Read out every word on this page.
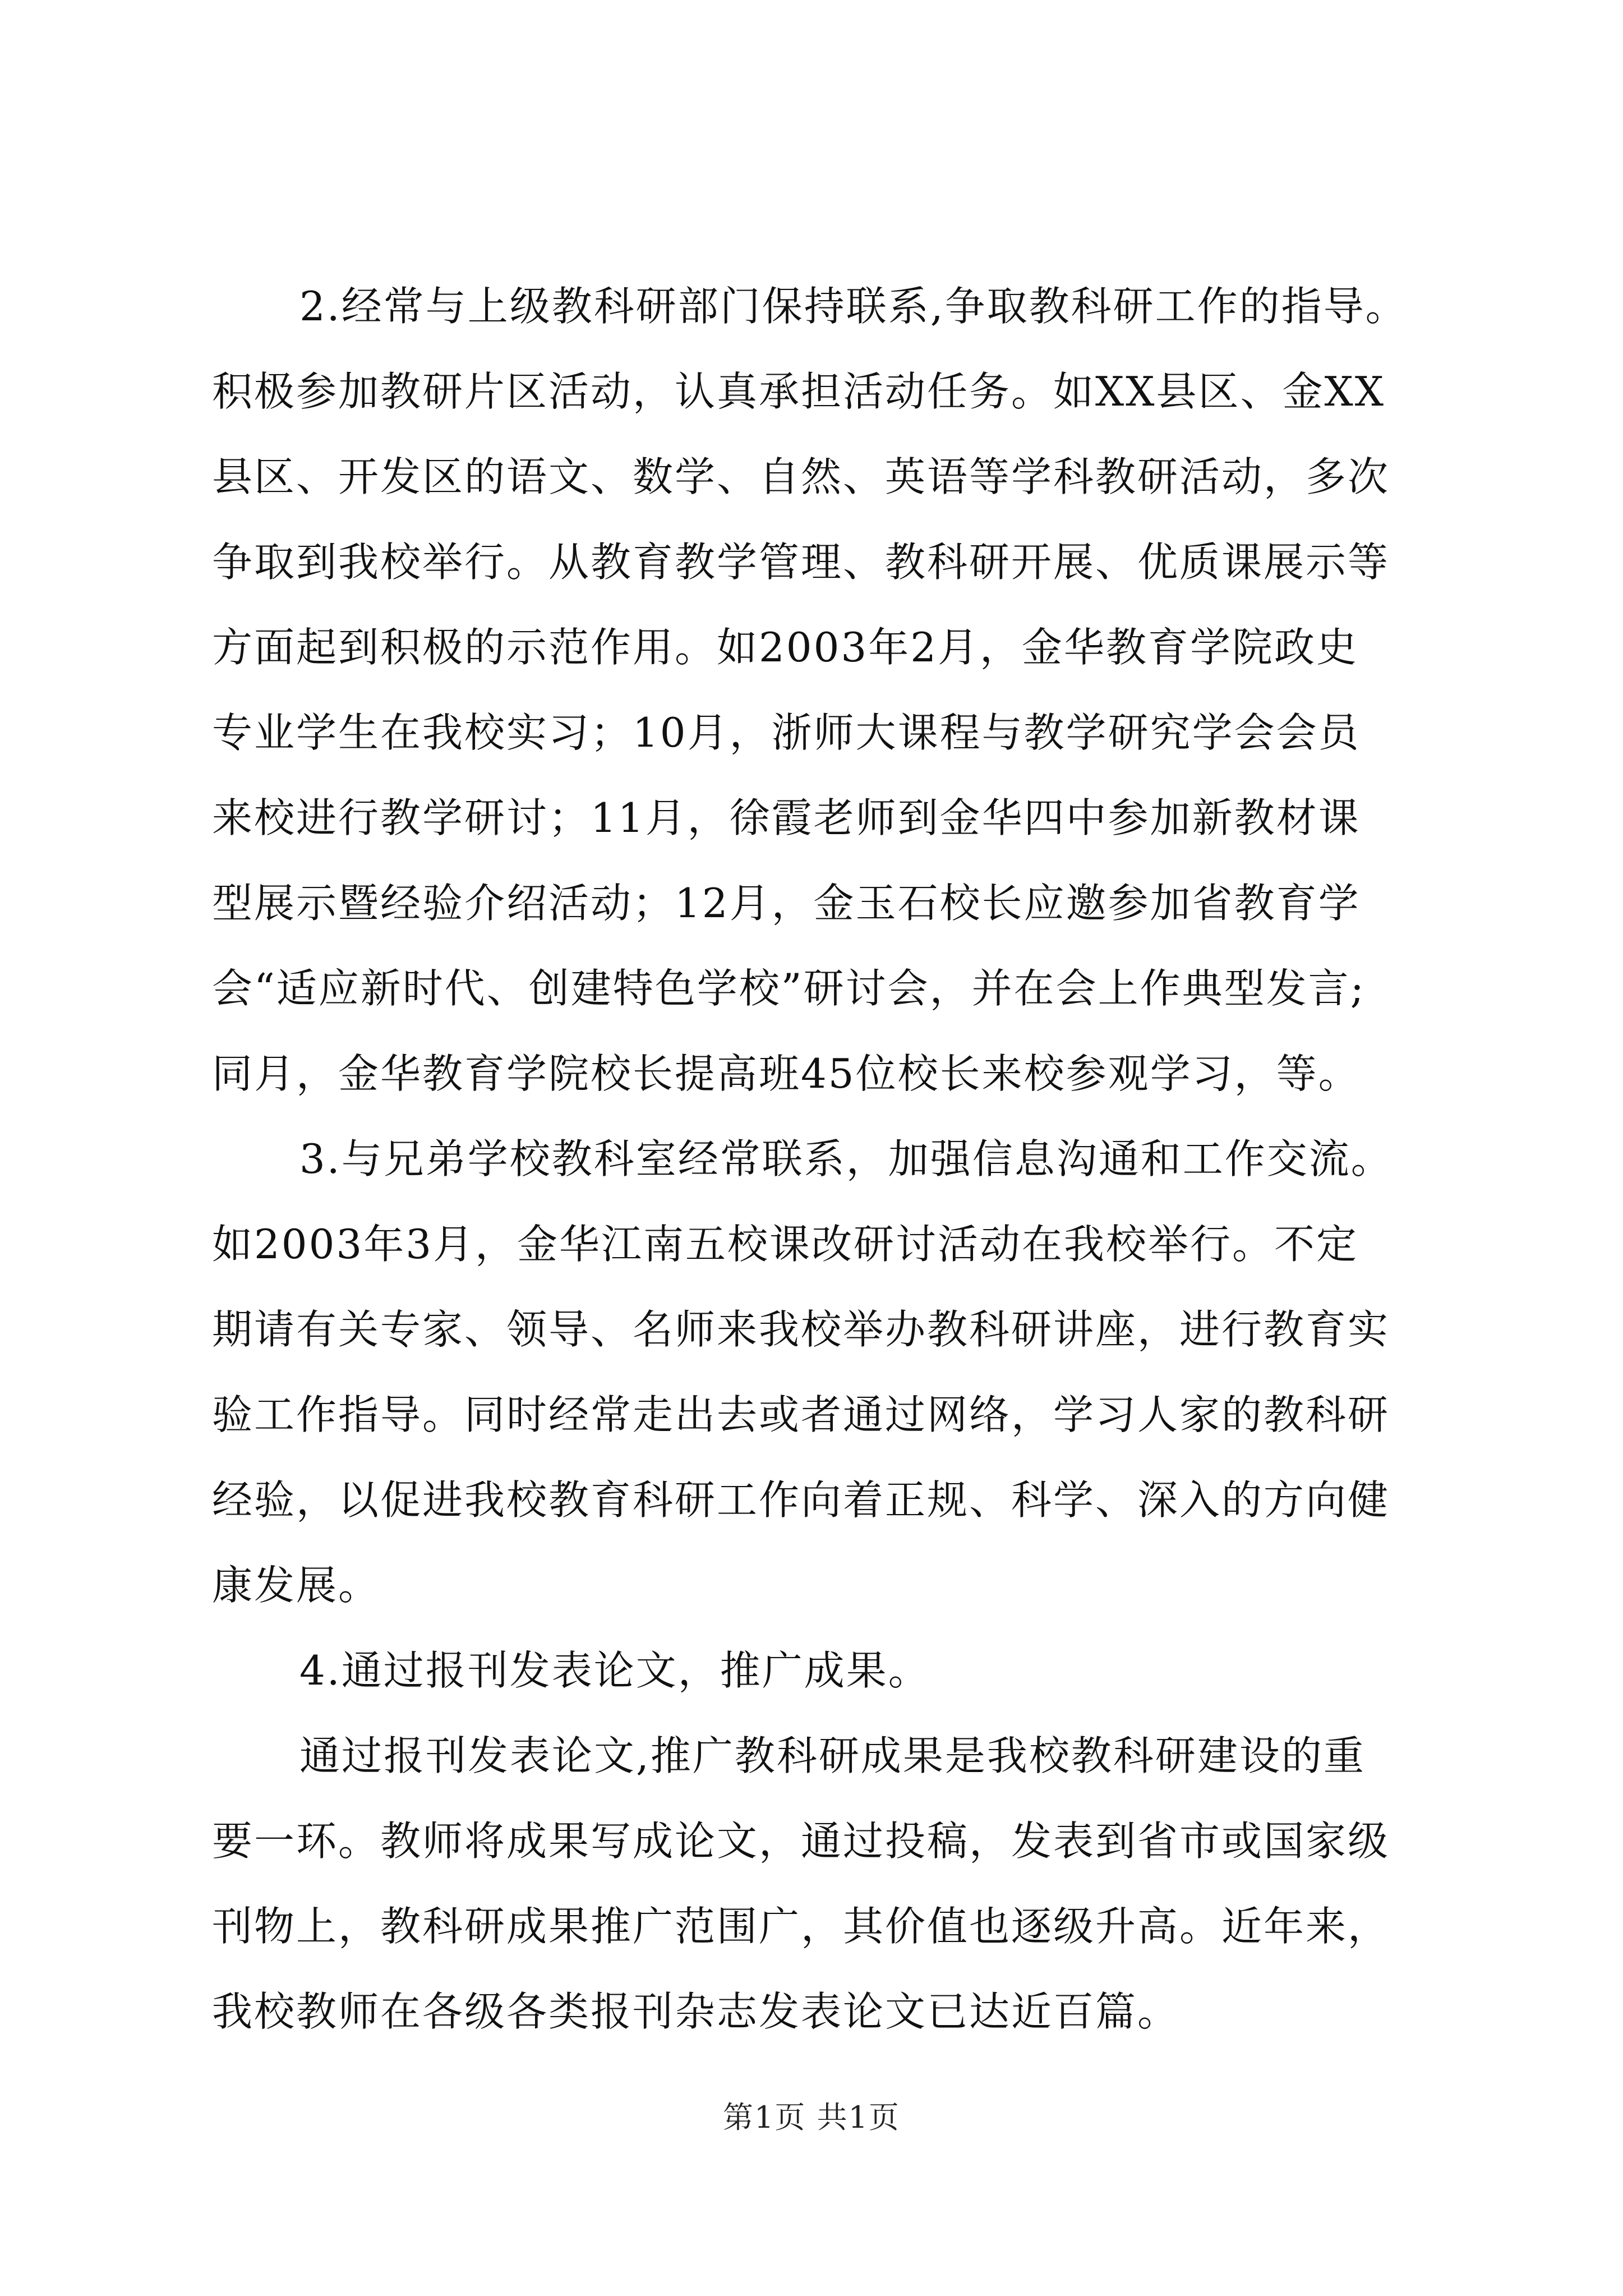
2.经常与上级教科研部门保持联系,争取教科研工作的指导。
积极参加教研片区活动，认真承担活动任务。如XX县区、金XX
县区、开发区的语文、数学、自然、英语等学科教研活动，多次
争取到我校举行。从教育教学管理、教科研开展、优质课展示等
方面起到积极的示范作用。如2003年2月，金华教育学院政史
专业学生在我校实习；10月，浙师大课程与教学研究学会会员
来校进行教学研讨；11月，徐霞老师到金华四中参加新教材课
型展示暨经验介绍活动；12月，金玉石校长应邀参加省教育学
会“适应新时代、创建特色学校”研讨会，并在会上作典型发言;
同月，金华教育学院校长提高班45位校长来校参观学习，等。
3.与兄弟学校教科室经常联系，加强信息沟通和工作交流。
如2003年3月，金华江南五校课改研讨活动在我校举行。不定
期请有关专家、领导、名师来我校举办教科研讲座，进行教育实
验工作指导。同时经常走出去或者通过网络，学习人家的教科研
经验，以促进我校教育科研工作向着正规、科学、深入的方向健
康发展。
4.通过报刊发表论文，推广成果。
通过报刊发表论文,推广教科研成果是我校教科研建设的重
要一环。教师将成果写成论文，通过投稿，发表到省市或国家级
刊物上，教科研成果推广范围广，其价值也逐级升高。近年来，
我校教师在各级各类报刊杂志发表论文已达近百篇。
第1页 共1页
